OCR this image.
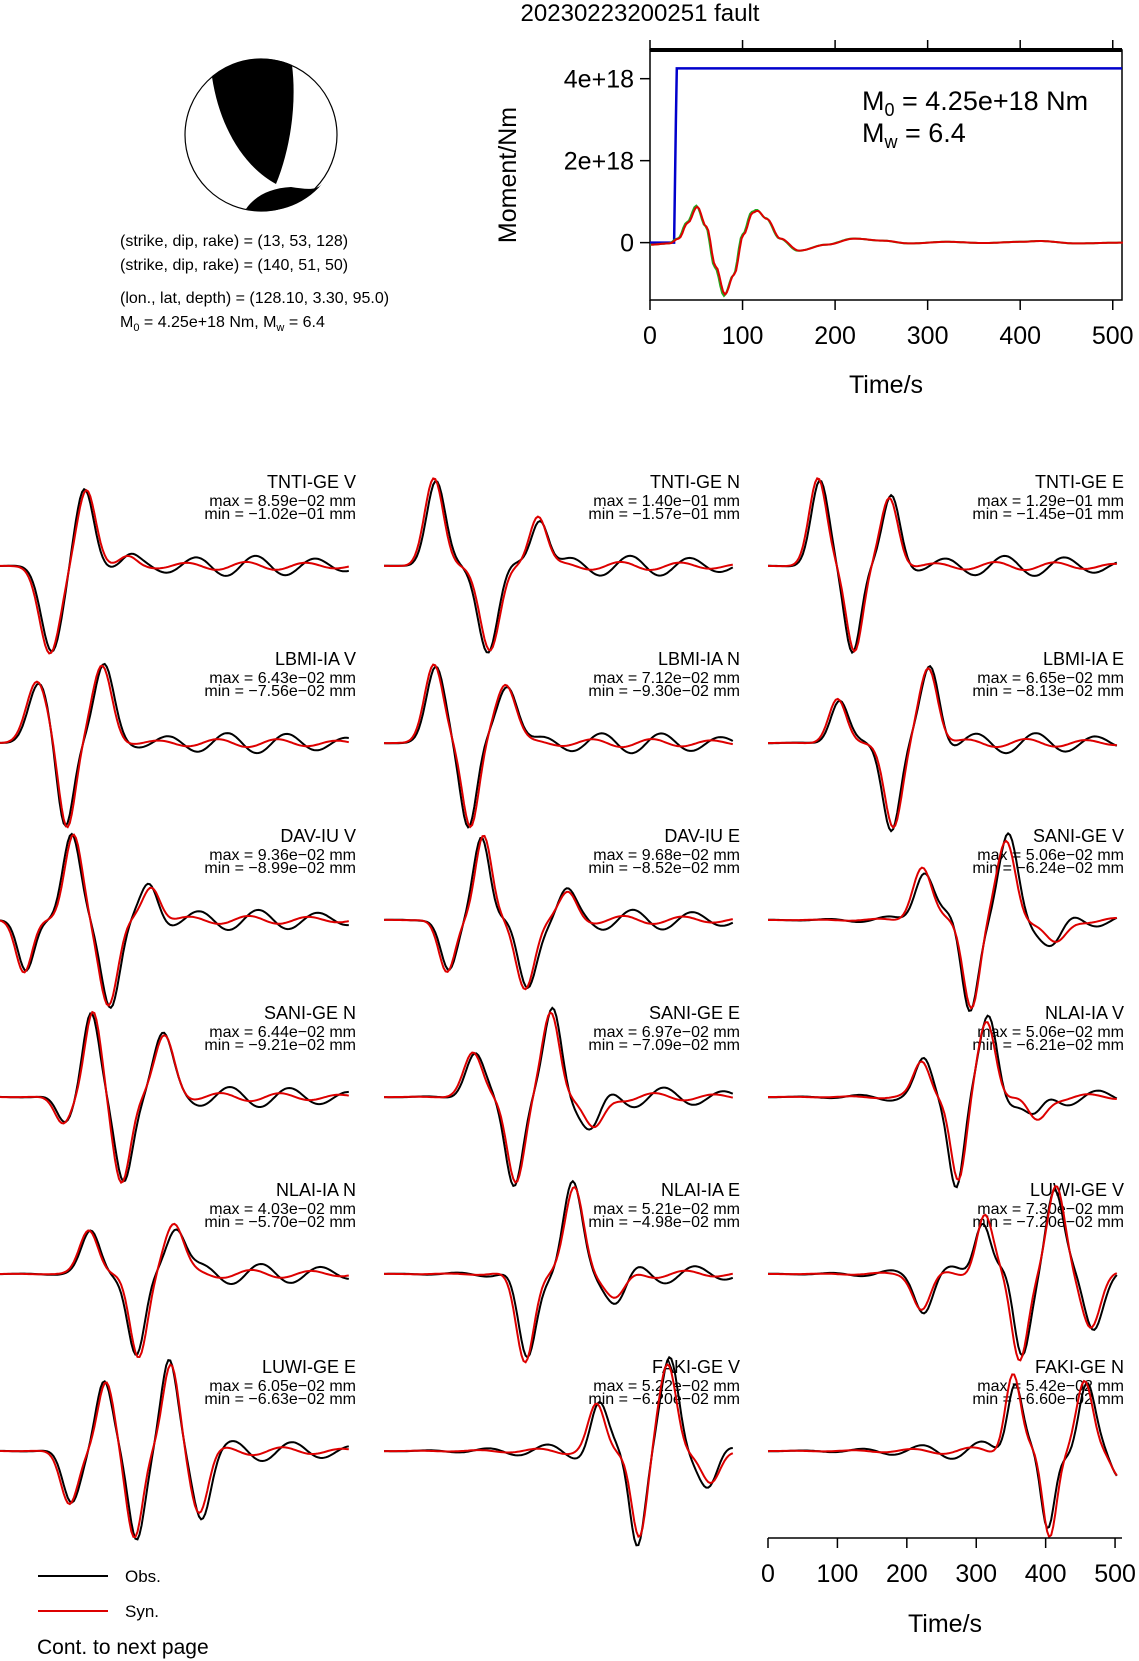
20230223200251 fault
(strike, dip, rake) = (13, 53, 128)
(strike, dip, rake) = (140, 51, 50)
(lon., lat, depth) = (128.10, 3.30, 95.0)
$M_0 = 4.25e+18$ Nm, $M_w = 6.4$	0	100 200 300 400 500
0
2e+18
4e+18
Time/s
Moment/Nm
$M_0 = 4.25e+18$ Nm
$M_w = 6.4$
TNTI-GE V
max = 8.59e−02 mm
min = −1.02e−01 mm
TNTI-GE N
max = 1.40e−01 mm
min = −1.57e−01 mm
TNTI-GE E
max = 1.29e−01 mm
min = −1.45e−01 mm
LBMI-IA V
max = 6.43e−02 mm
min = −7.56e−02 mm
LBMI-IA N
max = 7.12e−02 mm
min = −9.30e−02 mm
LBMI-IA E
max = 6.65e−02 mm
min = −8.13e−02 mm
DAV-IU V
max = 9.36e−02 mm
min = −8.99e−02 mm
DAV-IU E
max = 9.68e−02 mm
min = −8.52e−02 mm
SANI-GE V
max = 5.06e−02 mm
min = −6.24e−02 mm
SANI-GE N
max = 6.44e−02 mm
min = −9.21e−02 mm
SANI-GE E
max = 6.97e−02 mm
min = −7.09e−02 mm
NLAI-IA V
max = 5.06e−02 mm
min = −6.21e−02 mm
NLAI-IA N
max = 4.03e−02 mm
min = −5.70e−02 mm
NLAI-IA E
max = 5.21e−02 mm
min = −4.98e−02 mm
LUWI-GE V
max = 7.30e−02 mm
min = −7.20e−02 mm
LUWI-GE E
max = 6.05e−02 mm
min = −6.63e−02 mm
FAKI-GE V
max = 5.22e−02 mm
min = −6.20e−02 mm
FAKI-GE N
max = 5.42e−02 mm
min = −6.60e−02 mm
0 100 200 300 400 500
Time/s
Obs.
Syn.
Cont. to next page
